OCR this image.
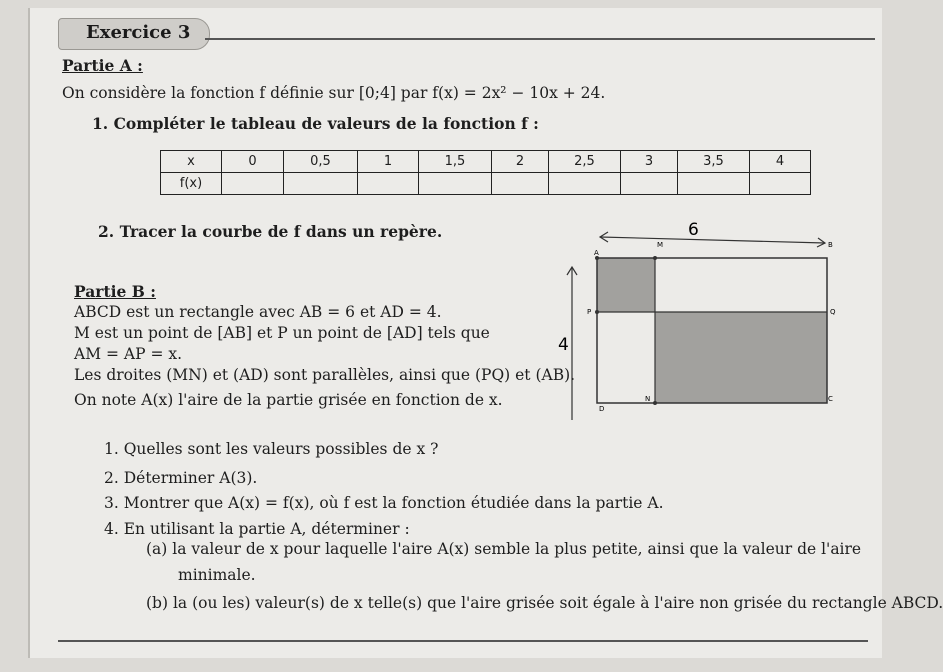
Exercice 3
Partie A :
On considère la fonction f définie sur [0;4] par f(x) = 2x² − 10x + 24.
1. Compléter le tableau de valeurs de la fonction f :
x	0	0,5	1	1,5	2	2,5	3	3,5	4
f(x)									
2. Tracer la courbe de f dans un repère.
Partie B :
ABCD est un rectangle avec AB = 6 et AD = 4.
M est un point de [AB] et P un point de [AD] tels que
AM = AP = x.
Les droites (MN) et (AD) sont parallèles, ainsi que (PQ) et (AB).
On note A(x) l'aire de la partie grisée en fonction de x.
1. Quelles sont les valeurs possibles de x ?
2. Déterminer A(3).
3. Montrer que A(x) = f(x), où f est la fonction étudiée dans la partie A.
4. En utilisant la partie A, déterminer :
(a) la valeur de x pour laquelle l'aire A(x) semble la plus petite, ainsi que la valeur de l'aire
minimale.
(b) la (ou les) valeur(s) de x telle(s) que l'aire grisée soit égale à l'aire non grisée du rectangle ABCD.
6
4
A
M	B
P	Q
D
N	C
